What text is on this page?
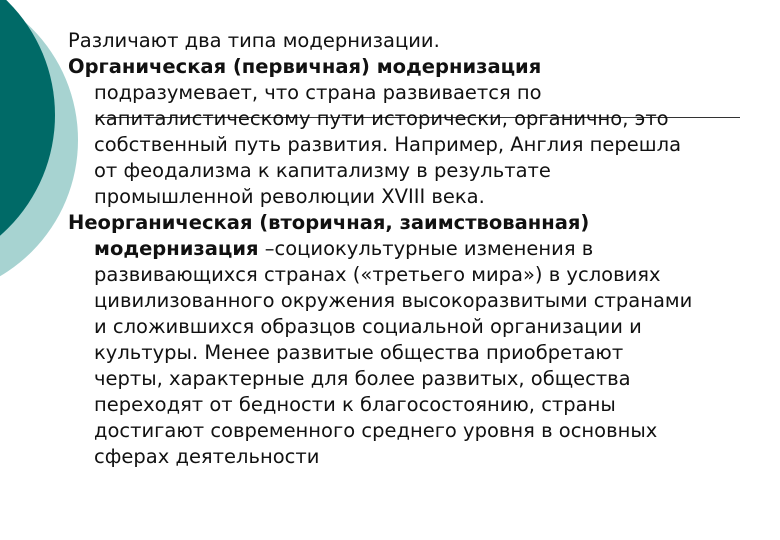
Различают два типа модернизации.

Органическая (первичная) модернизация

подразумевает, что страна развивается по

капиталистическому пути исторически, органично, это

собственный путь развития. Например, Англия перешла

от феодализма к капитализму в результате

промышленной революции XVIII века.

Неорганическая (вторичная, заимствованная)

модернизация –социокультурные изменения в

развивающихся странах («третьего мира») в условиях

цивилизованного окружения высокоразвитыми странами

и сложившихся образцов социальной организации и

культуры. Менее развитые общества приобретают

черты, характерные для более развитых, общества

переходят от бедности к благосостоянию, страны

достигают современного среднего уровня в основных

сферах деятельности
